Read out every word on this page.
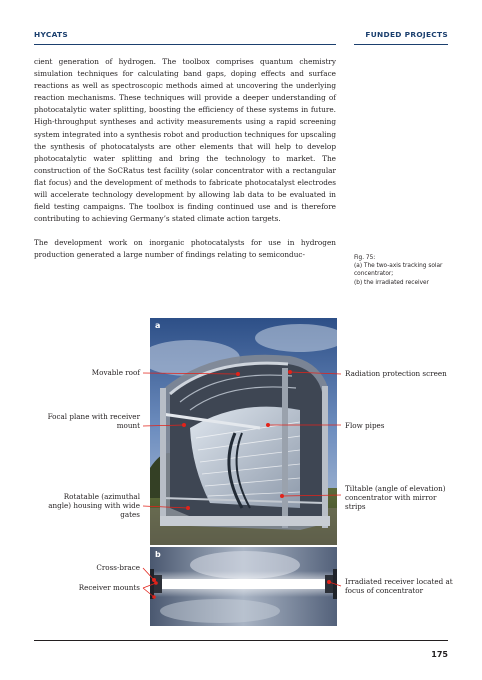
HYCATS	FUNDED PROJECTS

cient generation of hydrogen. The toolbox comprises quantum chemistry simulation techniques for calculating band gaps, doping effects and surface reactions as well as spectroscopic methods aimed at uncovering the underlying reaction mechanisms. These techniques will provide a deeper understanding of photocatalytic water splitting, boosting the efficiency of these systems in future. High-throughput syntheses and activity measurements using a rapid screening system integrated into a synthesis robot and production techniques for upscaling the synthesis of photocatalysts are other elements that will help to develop photocatalytic water splitting and bring the technology to market. The construction of the SoCRatus test facility (solar concentrator with a rectangular flat focus) and the development of methods to fabricate photocatalyst electrodes will accelerate technology development by allowing lab data to be evaluated in field testing campaigns. The toolbox is finding continued use and is therefore contributing to achieving Germany’s stated climate action targets.

The development work on inorganic photocatalysts for use in hydrogen production generated a large number of findings relating to semiconduc-	Fig. 75:
(a) The two-axis tracking solar concentrator;
(b) the irradiated receiver
a
b
Movable roof
Focal plane with receiver mount
Rotatable (azimuthal angle) housing with wide gates
Cross-brace
Receiver mounts
Radiation protection screen
Flow pipes
Tiltable (angle of elevation) concentrator with mirror strips
Irradiated receiver located at focus of concentrator
175
